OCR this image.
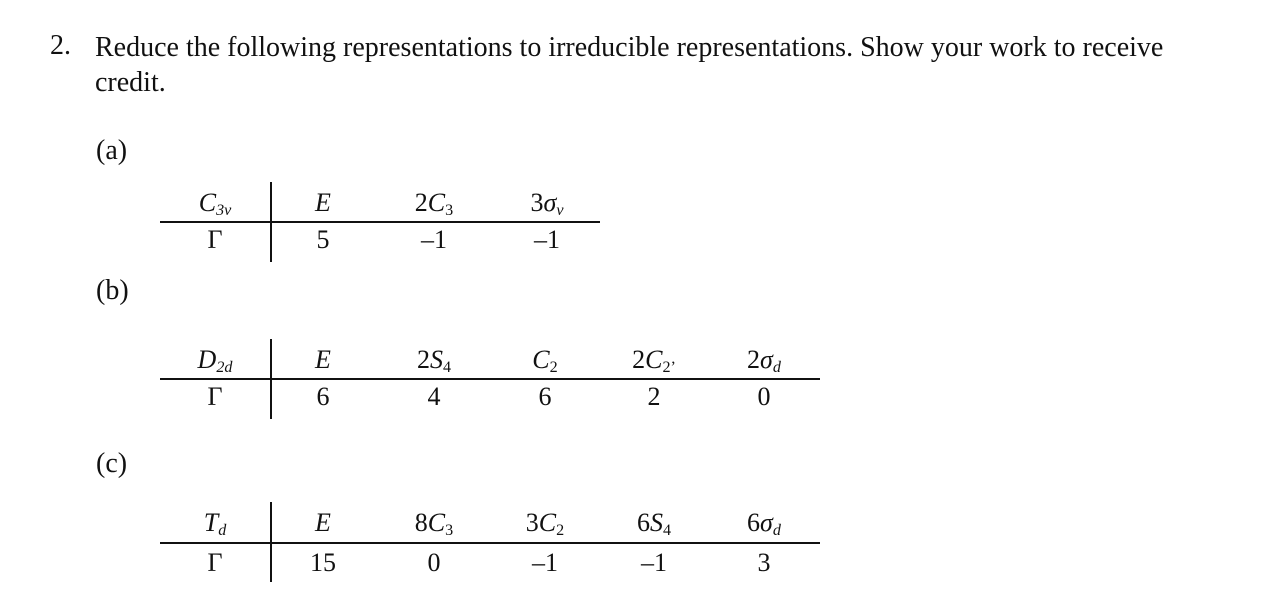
2. Reduce the following representations to irreducible representations. Show your work to receive credit.
(a)
$C_{3v}$	E	$2C_3$	$3\sigma_v$
Γ	5	–1	–1
(b)
$D_{2d}$	E	$2S_4$	$C_2$	$2C_{2’}$	$2\sigma_d$
Γ	6	4	6	2	0
(c)
$T_d$	E	$8C_3$	$3C_2$	$6S_4$	$6\sigma_d$
Γ	15	0	–1	–1	3
